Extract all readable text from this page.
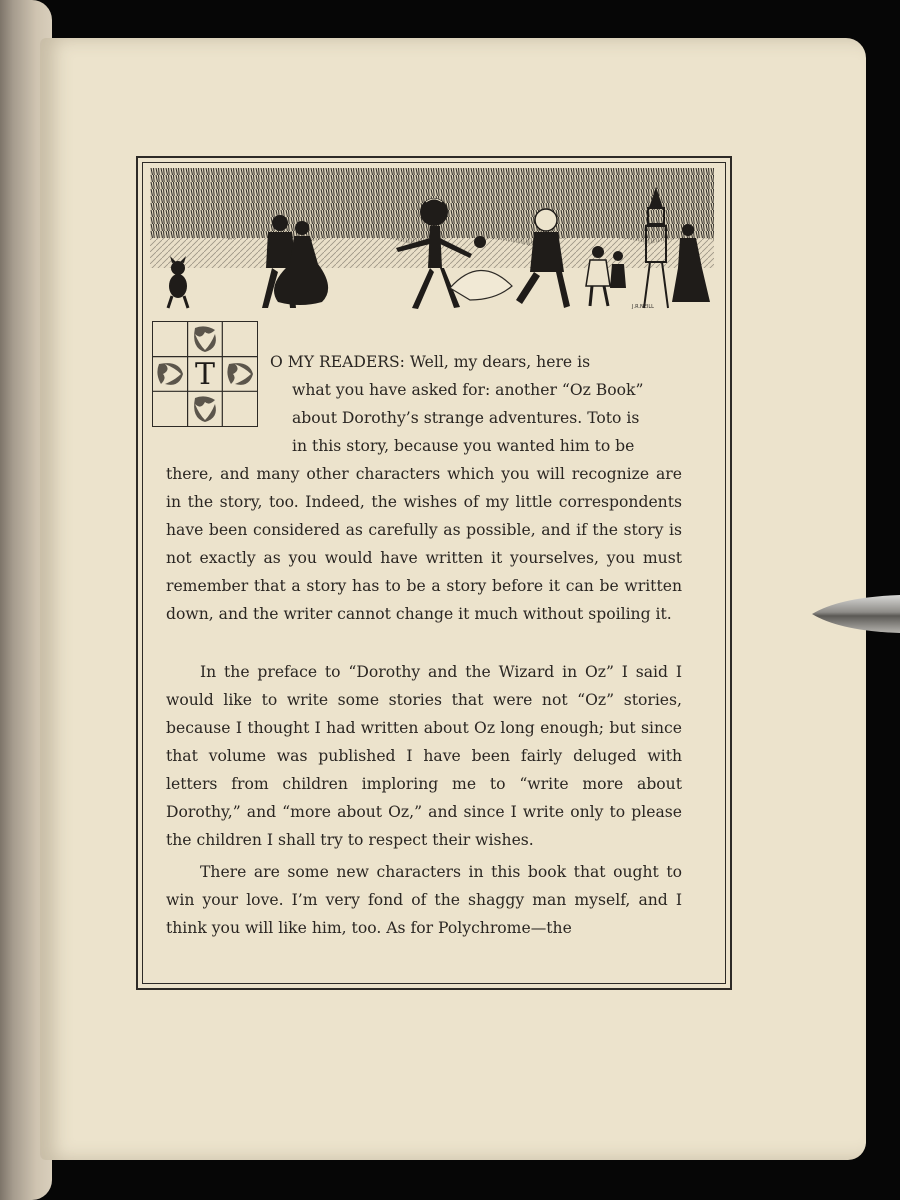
J.R.NEILL
T	O MY READERS: Well, my dears, here is
what you have asked for: another “Oz Book”
about Dorothy’s strange adventures. Toto is
in this story, because you wanted him to be

there, and many other characters which you will recognize are in the story, too. Indeed, the wishes of my little correspondents have been considered as carefully as possible, and if the story is not exactly as you would have written it yourselves, you must remember that a story has to be a story before it can be written down, and the writer cannot change it much without spoiling it.

In the preface to “Dorothy and the Wizard in Oz” I said I would like to write some stories that were not “Oz” stories, because I thought I had written about Oz long enough; but since that volume was published I have been fairly deluged with letters from children imploring me to “write more about Dorothy,” and “more about Oz,” and since I write only to please the children I shall try to respect their wishes.

There are some new characters in this book that ought to win your love. I’m very fond of the shaggy man myself, and I think you will like him, too. As for Polychrome—the
